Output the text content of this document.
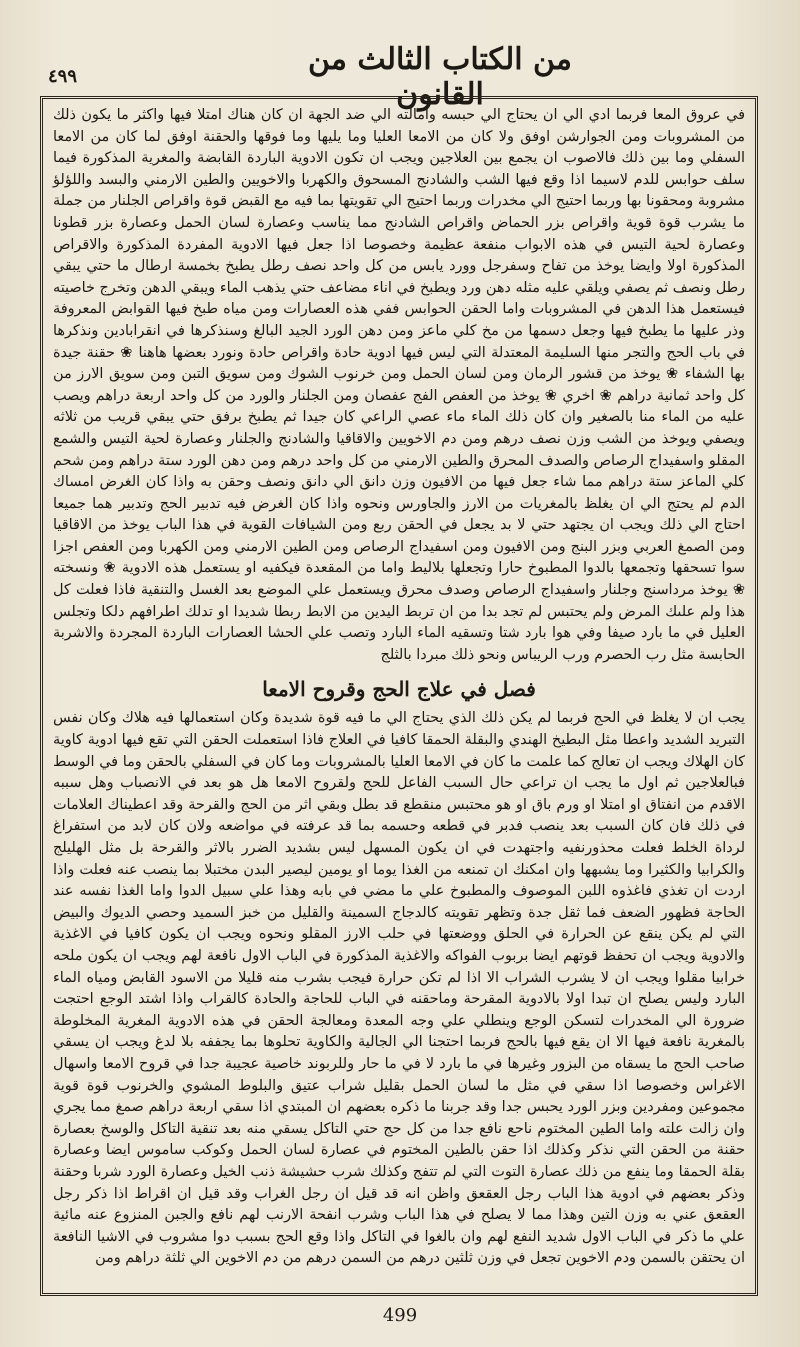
من الكتاب الثالث من القانون
٤٩٩

في عروق المعا فربما ادي الي ان يحتاج الي حبسه وامالته الي ضد الجهة ان كان هناك امتلا فيها واكثر ما يكون ذلك من المشروبات ومن الجوارشن اوفق ولا كان من الامعا العليا وما يليها وما فوقها والحقنة اوفق لما كان من الامعا السفلي وما بين ذلك فالاصوب ان يجمع بين العلاجين ويجب ان تكون الادوية الباردة القابضة والمغرية المذكورة فيما سلف حوابس للدم لاسيما اذا وقع فيها الشب والشادنج المسحوق والكهربا والاخويين والطين الارمني والبسد واللؤلؤ مشروبة ومحقونا بها وربما احتيج الي مخدرات وربما احتيج الي تقويتها بما فيه مع القبض قوة واقراص الجلنار من جملة ما يشرب قوة قوية واقراص بزر الحماض واقراص الشادنج مما يناسب وعصارة لسان الحمل وعصارة بزر قطونا وعصارة لحية التيس في هذه الابواب منفعة عظيمة وخصوصا اذا جعل فيها الادوية المفردة المذكورة والاقراص المذكورة اولا وايضا يوخذ من تفاح وسفرجل وورد يابس من كل واحد نصف رطل يطبخ بخمسة ارطال ما حتي يبقي رطل ونصف ثم يصفي ويلقي عليه مثله دهن ورد ويطبخ في اناء مضاعف حتي يذهب الماء ويبقي الدهن وتخرج خاصيته فيستعمل هذا الدهن في المشروبات واما الحقن الحوابس ففي هذه العصارات ومن مياه طبخ فيها القوابض المعروفة وذر عليها ما يطبخ فيها وجعل دسمها من مخ كلي ماعز ومن دهن الورد الجيد البالغ وسنذكرها في انقرابادين ونذكرها في باب الحج والتجر منها السليمة المعتدلة التي ليس فيها ادوية حادة واقراص حادة ونورد بعضها هاهنا ❀ حقنة جيدة بها الشفاء ❀ يوخذ من قشور الرمان ومن لسان الحمل ومن خرنوب الشوك ومن سويق التبن ومن سويق الارز من كل واحد ثمانية دراهم ❀ اخري ❀ يوخذ من العفص الفج عفصان ومن الجلنار والورد من كل واحد اربعة دراهم ويصب عليه من الماء منا بالصغير وان كان ذلك الماء ماء عصي الراعي كان جيدا ثم يطبخ برفق حتي يبقي قريب من ثلاثه ويصفي ويوخذ من الشب وزن نصف درهم ومن دم الاخويين والاقاقيا والشادنج والجلنار وعصارة لحية التيس والشمع المقلو واسفيداج الرصاص والصدف المحرق والطين الارمني من كل واحد درهم ومن دهن الورد ستة دراهم ومن شحم كلي الماعز ستة دراهم مما شاء جعل فيها من الافيون وزن دانق الي دانق ونصف وحقن به واذا كان الغرض امساك الدم لم يحتج الي ان يغلظ بالمغريات من الارز والجاورس ونحوه واذا كان الغرض فيه تدبير الحج وتدبير هما جميعا احتاج الي ذلك ويجب ان يجتهد حتي لا بد يجعل في الحقن ربع ومن الشيافات القوية في هذا الباب يوخذ من الاقاقيا ومن الصمغ العربي وبزر البنج ومن الافيون ومن اسفيداج الرصاص ومن الطين الارمني ومن الكهربا ومن العفص اجزا سوا تسحقها وتجمعها بالدوا المطبوخ حارا وتجعلها بلاليط واما من المقعدة فيكفيه او يستعمل هذه الادوية ❀ ونسخته ❀ يوخذ مرداسنج وجلنار واسفيداج الرصاص وصدف محرق ويستعمل علي الموضع بعد الغسل والتنقية فاذا فعلت كل هذا ولم علىك المرض ولم يحتبس لم تجد بدا من ان تربط اليدين من الابط ربطا شديدا او تدلك اطرافهم دلكا وتجلس العليل في ما بارد صيفا وفي هوا بارد شتا وتسقيه الماء البارد وتصب علي الحشا العصارات الباردة المجردة والاشربة الحابسة مثل رب الحصرم ورب الريباس ونحو ذلك مبردا بالثلج

فصل في علاج الحج وقروح الامعا

يجب ان لا يغلظ في الحج فربما لم يكن ذلك الذي يحتاج الي ما فيه قوة شديدة وكان استعمالها فيه هلاك وكان نفس التبريد الشديد واعطا مثل البطيخ الهندي والبقلة الحمقا كافيا في العلاج فاذا استعملت الحقن التي تقع فيها ادوية كاوية كان الهلاك ويجب ان تعالج كما علمت ما كان في الامعا العليا بالمشروبات وما كان في السفلي بالحقن وما في الوسط فبالعلاجين ثم اول ما يجب ان تراعي حال السبب الفاعل للحج ولقروح الامعا هل هو بعد في الانصباب وهل سببه الاقدم من انفتاق او امتلا او ورم باق او هو محتبس منقطع قد بطل وبقي اثر من الحج والقرحة وقد اعطيناك العلامات في ذلك فان كان السبب بعد ينصب فدبر في قطعه وحسمه بما قد عرفته في مواضعه ولان كان لابد من استفراغ لرداة الخلط فعلت محذورنفيه واجتهدت في ان يكون المسهل ليس بشديد الضرر بالاثر والقرحة بل مثل الهليلج والكرابيا والكثيرا وما يشبهها وان امكنك ان تمنعه من الغذا يوما او يومين ليصير البدن مختبلا بما ينصب عنه فعلت واذا اردت ان تغذي فاغذوه اللبن الموصوف والمطبوخ علي ما مضي في بابه وهذا علي سبيل الدوا واما الغذا نفسه عند الحاجة فظهور الضعف فما ثقل جدة وتظهر تقويته كالدجاج السمينة والقليل من خبز السميد وحصي الديوك والبيض التي لم يكن ينقع عن الحرارة في الحلق ووضعتها في حلب الارز المقلو ونحوه ويجب ان يكون كافيا في الاغذية والادوية ويجب ان تحفظ قوتهم ايضا بربوب الفواكه والاغذية المذكورة في الباب الاول نافعة لهم ويجب ان يكون ملحه خرابيا مقلوا ويجب ان لا يشرب الشراب الا اذا لم تكن حرارة فيجب بشرب منه قليلا من الاسود القابض ومياه الماء البارد وليس يصلح ان تبدا اولا بالادوية المقرحة وماحقنه في الباب للحاجة والحادة كالقراب واذا اشتد الوجع احتجت ضرورة الي المخدرات لتسكن الوجع وينطلي علي وجه المعدة ومعالجة الحقن في هذه الادوية المغرية المخلوطة بالمغرية نافعة فيها الا ان يقع فيها بالحج فربما احتجنا الي الجالية والكاوية تحلوها بما يجففه بلا لدغ ويجب ان يسقي صاحب الحج ما يسقاه من البزور وغيرها في ما بارد لا في ما حار وللربوند خاصية عجيبة جدا في قروح الامعا واسهال الاغراس وخصوصا اذا سقي في مثل ما لسان الحمل بقليل شراب عتيق والبلوط المشوي والخرنوب قوة قوية مجموعين ومفردين وبزر الورد يحبس جدا وقد جربنا ما ذكره بعضهم ان المبتدي اذا سقي اربعة دراهم صمغ مما يجري وان زالت علته واما الطين المختوم ناحع نافع جدا من كل حج حتي التاكل يسقي منه بعد تنقية التاكل والوسخ بعصارة حقنة من الحقن التي نذكر وكذلك اذا حقن بالطين المختوم في عصارة لسان الحمل وكوكب ساموس ايضا وعصارة بقلة الحمقا وما ينفع من ذلك عصارة التوت التي لم تتفج وكذلك شرب حشيشة ذنب الخيل وعصارة الورد شربا وحقنة وذكر بعضهم في ادوية هذا الباب رجل العقعق واظن انه قد قيل ان رجل الغراب وقد قيل ان اقراط اذا ذكر رجل العقعق عني به وزن التين وهذا مما لا يصلح في هذا الباب وشرب انفحة الارنب لهم نافع والجبن المنزوع عنه مائية علي ما ذكر في الباب الاول شديد النفع لهم وان بالغوا في التاكل واذا وقع الحج بسبب دوا مشروب في الاشيا النافعة ان يحتقن بالسمن ودم الاخوين تجعل في وزن ثلثين درهم من السمن درهم من دم الاخوين الي ثلثة دراهم ومن

499
